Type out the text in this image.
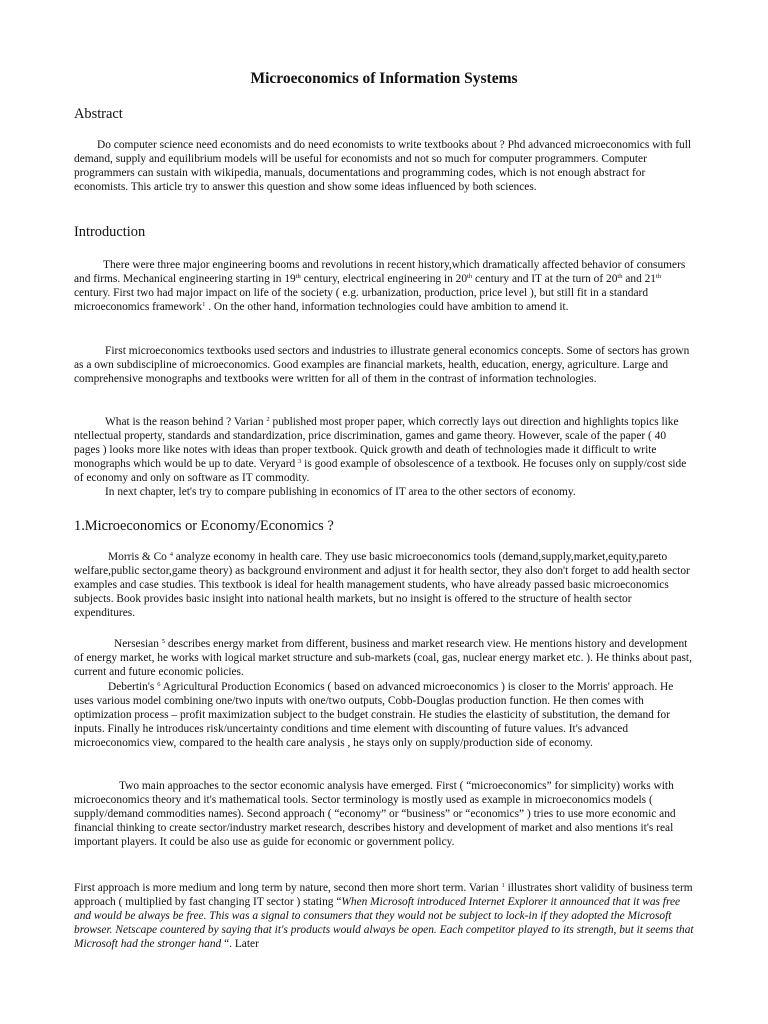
Microeconomics of Information Systems
Abstract
Do computer science need economists and do need economists to write textbooks about ? Phd advanced microeconomics with full demand, supply and equilibrium models will be useful for economists and not so much for computer programmers. Computer programmers can sustain with wikipedia, manuals, documentations and programming codes, which is not enough abstract for economists. This article try to answer this question and show some ideas influenced by both sciences.
Introduction
There were three major engineering booms and revolutions in recent history,which dramatically affected behavior of consumers and firms. Mechanical engineering starting in 19th century, electrical engineering in 20th century and IT at the turn of 20th and 21th century. First two had major impact on life of the society ( e.g. urbanization, production, price level ), but still fit in a standard microeconomics framework$^1$ . On the other hand, information technologies could have ambition to amend it.
First microeconomics textbooks used sectors and industries to illustrate general economics concepts. Some of sectors has grown as a own subdiscipline of microeconomics. Good examples are financial markets, health, education, energy, agriculture. Large and comprehensive monographs and textbooks were written for all of them in the contrast of information technologies.

What is the reason behind ? Varian $^2$ published most proper paper, which correctly lays out direction and highlights topics like ntellectual property, standards and standardization, price discrimination, games and game theory. However, scale of the paper ( 40 pages ) looks more like notes with ideas than proper textbook. Quick growth and death of technologies made it difficult to write monographs which would be up to date. Veryard $^3$ is good example of obsolescence of a textbook. He focuses only on supply/cost side of economy and only on software as IT commodity.

In next chapter, let's try to compare publishing in economics of IT area to the other sectors of economy.

1.Microeconomics or Economy/Economics ?
Morris & Co $^4$ analyze economy in health care. They use basic microeconomics tools (demand,supply,market,equity,pareto welfare,public sector,game theory) as background environment and adjust it for health sector, they also don't forget to add health sector examples and case studies. This textbook is ideal for health management students, who have already passed basic microeconomics subjects. Book provides basic insight into national health markets, but no insight is offered to the structure of health sector expenditures.
Nersesian $^5$ describes energy market from different, business and market research view. He mentions history and development of energy market, he works with logical market structure and sub-markets (coal, gas, nuclear energy market etc. ). He thinks about past, current and future economic policies.
Debertin's $^6$ Agricultural Production Economics ( based on advanced microeconomics ) is closer to the Morris' approach. He uses various model combining one/two inputs with one/two outputs, Cobb-Douglas production function. He then comes with optimization process – profit maximization subject to the budget constrain. He studies the elasticity of substitution, the demand for inputs. Finally he introduces risk/uncertainty conditions and time element with discounting of future values. It's advanced microeconomics view, compared to the health care analysis , he stays only on supply/production side of economy.
Two main approaches to the sector economic analysis have emerged. First ( “microeconomics” for simplicity) works with microeconomics theory and it's mathematical tools. Sector terminology is mostly used as example in microeconomics models ( supply/demand commodities names). Second approach ( “economy” or “business” or “economics” ) tries to use more economic and financial thinking to create sector/industry market research, describes history and development of market and also mentions it's real important players. It could be also use as guide for economic or government policy.
First approach is more medium and long term by nature, second then more short term. Varian $^1$ illustrates short validity of business term approach ( multiplied by fast changing IT sector ) stating “When Microsoft introduced Internet Explorer it announced that it was free and would be always be free. This was a signal to consumers that they would not be subject to lock-in if they adopted the Microsoft browser. Netscape countered by saying that it's products would always be open. Each competitor played to its strength, but it seems that Microsoft had the stronger hand “. Later
